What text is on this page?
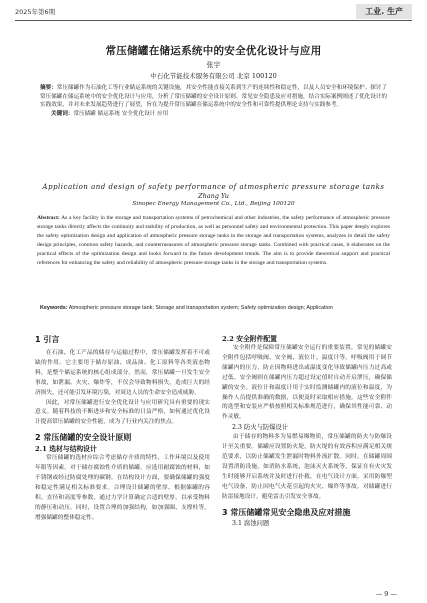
2025年第6期	工业. 生产
常压储罐在储运系统中的安全优化设计与应用
张宇
中石化节能技术服务有限公司 北京 100120
摘要：常压储罐作为石油化工等行业储运系统的关键设施，其安全性能直接关系到生产的连续性和稳定性，以及人员安全和环境保护。探讨了常压储罐在储运系统中的安全优化设计与应用，分析了常压储罐的安全设计原则、常见安全隐患及应对措施，结合实际案例阐述了优化设计的实践效果，并对未来发展趋势进行了展望，旨在为提升常压储罐在储运系统中的安全性和可靠性提供理论支持与实践参考。
关键词：常压储罐 储运系统 安全优化设计 应用
Application and design of safety performance of atmospheric pressure storage tanks
Zhang Yu
Sinopec Energy Management Co., Ltd., Beijing 100120
Abstract: As a key facility in the storage and transportation systems of petrochemical and other industries, the safety performance of atmospheric pressure storage tanks directly affects the continuity and stability of production, as well as personnel safety and environmental protection. This paper deeply explores the safety optimization design and application of atmospheric pressure storage tanks in the storage and transportation systems, analyzes in detail the safety design principles, common safety hazards, and countermeasures of atmospheric pressure storage tanks. Combined with practical cases, it elaborates on the practical effects of the optimization design and looks forward to the future development trends. The aim is to provide theoretical support and practical references for enhancing the safety and reliability of atmospheric pressure storage tanks in the storage and transportation systems.
Keywords: Atmospheric pressure storage tank; Storage and transportation system; Safety optimization design; Application
1 引言

在石油、化工产品的储存与运输过程中，常压储罐发挥着不可或缺的作用。它主要用于储存原油、成品油、化工原料等各类液态物料，是整个储运系统的核心组成部分。然而，常压储罐一旦发生安全事故，如泄漏、火灾、爆炸等，不仅会导致物料损失，造成巨大的经济损失，还可能引发环境污染，对周边人员的生命安全造成威胁。

因此，对常压储罐进行安全优化设计与应用研究具有重要的现实意义。随着科技的不断进步和安全标准的日益严格，如何通过优化设计提高常压储罐的安全性能，成为了行业内关注的焦点。

2 常压储罐的安全设计原则
2.1 选材与结构设计

常压储罐的选材应综合考虑储存介质的特性、工作环境以及使用年限等因素。对于储存腐蚀性介质的储罐，应选用耐腐蚀的材料，如不锈钢或经过防腐处理的碳钢。在结构设计方面，要确保储罐的强度和稳定性满足相关标准要求。合理设计储罐的壁厚、根据储罐的容积、直径和高度等参数，通过力学计算确定合适的壁厚，以承受物料的静压和动压。同时，设置合理的加强结构，如加强圈、支撑柱等，增强储罐的整体稳定性。

2.2 安全附件配置

安全附件是保障常压储罐安全运行的重要装置。常见的储罐安全附件包括呼吸阀、安全阀、液位计、温度计等。呼吸阀用于调节储罐内的压力，防止因物料进出或温度变化导致储罐内压力过高或过低。安全阀则在储罐内压力超过设定值时自动开启泄压，确保储罐的安全。液位计和温度计用于实时监测储罐内的液位和温度，为操作人员提供准确的数据，以便及时采取相应措施。这些安全附件的选型和安装应严格按照相关标准规范进行，确保其性能可靠、动作灵敏。

2.3 防火与防爆设计

由于储存的物料多为易燃易爆物质，常压储罐的防火与防爆设计至关重要。储罐应设置防火堤，防火堤的有效容积应满足相关规范要求，以防止储罐发生泄漏时物料外流扩散。同时，在储罐周围设置消防设施，如消防水系统、泡沫灭火系统等，保证在有火灾发生时能够开启系统并及时进行扑救。在电气设计方面，采用防爆型电气设备，防止因电气火花引起的火灾、爆炸等事故。对储罐进行防雷接地设计，避免雷击引发安全事故。

3 常压储罐常见安全隐患及应对措施
3.1 腐蚀问题
— 9 —
